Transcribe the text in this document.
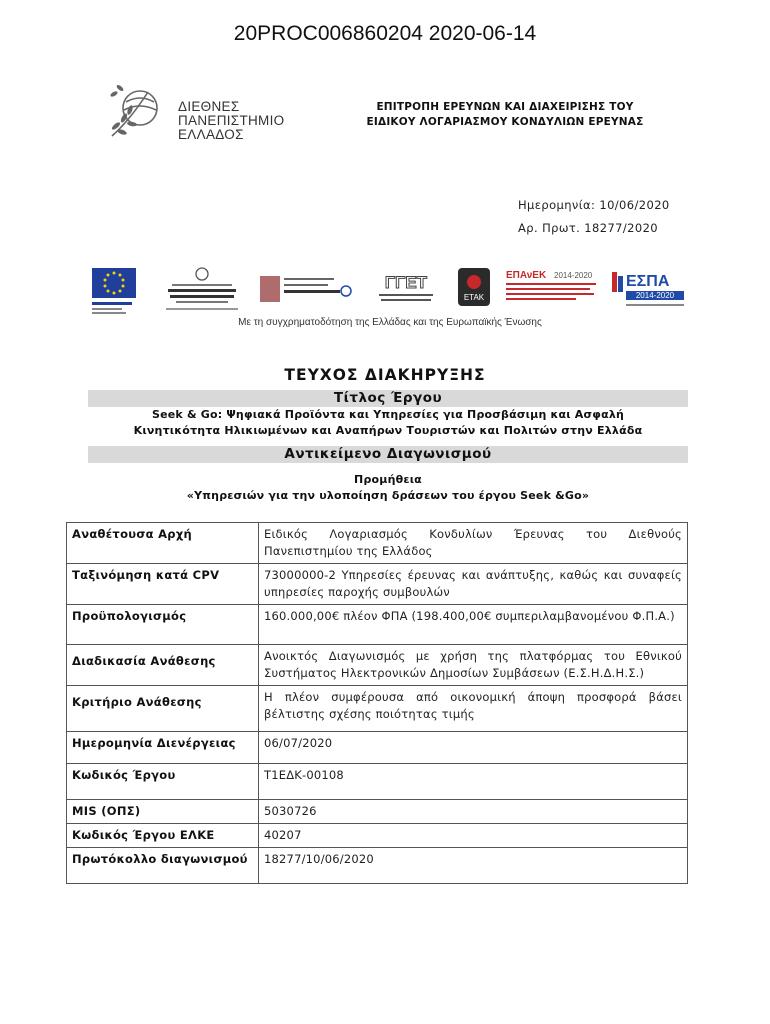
20PROC006860204 2020-06-14
ΔΙΕΘΝΕΣ
ΠΑΝΕΠΙΣΤΗΜΙΟ
ΕΛΛΑΔΟΣ
ΕΠΙΤΡΟΠΗ ΕΡΕΥΝΩΝ ΚΑΙ ΔΙΑΧΕΙΡΙΣΗΣ ΤΟΥ
ΕΙΔΙΚΟΥ ΛΟΓΑΡΙΑΣΜΟΥ ΚΟΝΔΥΛΙΩΝ ΕΡΕΥΝΑΣ
Ημερομηνία: 10/06/2020
Αρ. Πρωτ. 18277/2020
ΓΓΕΤ
ΕΤΑΚ
ΕΠΑνΕΚ 2014-2020 ΕΣΠΑ
2014-2020
Με τη συγχρηματοδότηση της Ελλάδας και της Ευρωπαϊκής Ένωσης
ΤΕΥΧΟΣ ΔΙΑΚΗΡΥΞΗΣ
Τίτλος Έργου
Seek & Go: Ψηφιακά Προϊόντα και Υπηρεσίες για Προσβάσιμη και Ασφαλή
Κινητικότητα Ηλικιωμένων και Αναπήρων Τουριστών και Πολιτών στην Ελλάδα
Αντικείμενο Διαγωνισμού
Προμήθεια
«Υπηρεσιών για την υλοποίηση δράσεων του έργου Seek &Go»
Αναθέτουσα Αρχή	Ειδικός Λογαριασμός Κονδυλίων Έρευνας του Διεθνούς Πανεπιστημίου της Ελλάδος
Ταξινόμηση κατά CPV	73000000-2 Υπηρεσίες έρευνας και ανάπτυξης, καθώς και συναφείς υπηρεσίες παροχής συμβουλών
Προϋπολογισμός	160.000,00€ πλέον ΦΠΑ (198.400,00€ συμπεριλαμβανομένου Φ.Π.Α.)
Διαδικασία Ανάθεσης	Ανοικτός Διαγωνισμός με χρήση της πλατφόρμας του Εθνικού Συστήματος Ηλεκτρονικών Δημοσίων Συμβάσεων (Ε.Σ.Η.Δ.Η.Σ.)
Κριτήριο Ανάθεσης	Η πλέον συμφέρουσα από οικονομική άποψη προσφορά βάσει βέλτιστης σχέσης ποιότητας τιμής
Ημερομηνία Διενέργειας	06/07/2020
Κωδικός Έργου	Τ1ΕΔΚ-00108
MIS (ΟΠΣ)	5030726
Κωδικός Έργου ΕΛΚΕ	40207
Πρωτόκολλο διαγωνισμού	18277/10/06/2020
